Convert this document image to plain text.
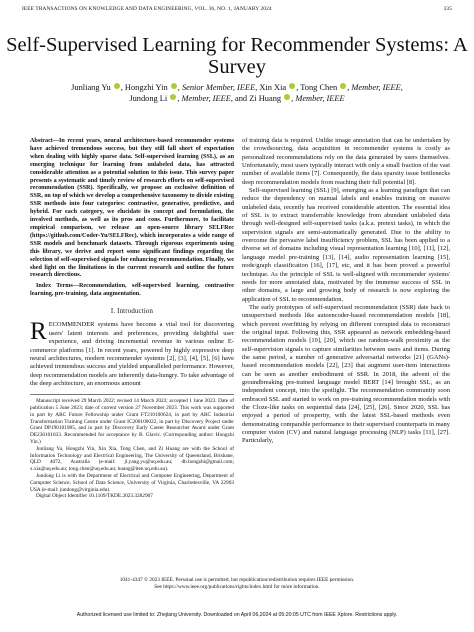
IEEE TRANSACTIONS ON KNOWLEDGE AND DATA ENGINEERING, VOL. 36, NO. 1, JANUARY 2024	335
Self-Supervised Learning for Recommender Systems: A Survey
Junliang Yu , Hongzhi Yin , Senior Member, IEEE, Xin Xia , Tong Chen , Member, IEEE,
Jundong Li , Member, IEEE, and Zi Huang , Member, IEEE

Abstract—In recent years, neural architecture-based recommender systems have achieved tremendous success, but they still fall short of expectation when dealing with highly sparse data. Self-supervised learning (SSL), as an emerging technique for learning from unlabeled data, has attracted considerable attention as a potential solution to this issue. This survey paper presents a systematic and timely review of research efforts on self-supervised recommendation (SSR). Specifically, we propose an exclusive definition of SSR, on top of which we develop a comprehensive taxonomy to divide existing SSR methods into four categories: contrastive, generative, predictive, and hybrid. For each category, we elucidate its concept and formulation, the involved methods, as well as its pros and cons. Furthermore, to facilitate empirical comparison, we release an open-source library SELFRec (https://github.com/Coder-Yu/SELFRec), which incorporates a wide range of SSR models and benchmark datasets. Through rigorous experiments using this library, we derive and report some significant findings regarding the selection of self-supervised signals for enhancing recommendation. Finally, we shed light on the limitations in the current research and outline the future research directions.

Index Terms—Recommendation, self-supervised learning, contrastive learning, pre-training, data augmentation.

I. Introduction

RECOMMENDER systems have become a vital tool for discovering users' latent interests and preferences, providing delightful user experience, and driving incremental revenue in various online E-commerce platforms [1]. In recent years, powered by highly expressive deep neural architectures, modern recommender systems [2], [3], [4], [5], [6] have achieved tremendous success and yielded unparalleled performance. However, deep recommendation models are inherently data-hungry. To take advantage of the deep architecture, an enormous amount

Manuscript received 29 March 2022; revised 14 March 2023; accepted 1 June 2023. Date of publication 5 June 2023; date of current version 27 November 2023. This work was supported in part by ARC Future Fellowship under Grant FT210100624, in part by ARC Industrial Transformation Training Centre under Grant IC200100022, in part by Discovery Project under Grant DP190101985, and in part by Discovery Early Career Researcher Award under Grant DE230101033. Recommended for acceptance by B. Glavic. (Corresponding author: Hongzhi Yin.)

Junliang Yu, Hongzhi Yin, Xin Xia, Tong Chen, and Zi Huang are with the School of Information Technology and Electrical Engineering, The University of Queensland, Brisbane, QLD 4072, Australia (e-mail: jl.yang.yu@uq.edu.au; db.hongzhi@gmail.com; x.xia@uq.edu.au; tong.chen@uq.edu.au; huang@itee.uq.edu.au).

Jundong Li is with the Department of Electrical and Computer Engineering, Department of Computer Science, School of Data Science, University of Virginia, Charlottesville, VA 22903 USA (e-mail: jundong@virginia.edu).

Digital Object Identifier 10.1109/TKDE.2023.3282907

of training data is required. Unlike image annotation that can be undertaken by the crowdsourcing, data acquisition in recommender systems is costly as personalized recommendations rely on the data generated by users themselves. Unfortunately, most users typically interact with only a small fraction of the vast number of available items [7]. Consequently, the data sparsity issue bottlenecks deep recommendation models from reaching their full potential [8].

Self-supervised learning (SSL) [9], emerging as a learning paradigm that can reduce the dependency on manual labels and enables training on massive unlabeled data, recently has received considerable attention. The essential idea of SSL is to extract transferrable knowledge from abundant unlabeled data through well-designed self-supervised tasks (a.k.a. pretext tasks), in which the supervision signals are semi-automatically generated. Due to the ability to overcome the pervasive label insufficiency problem, SSL has been applied to a diverse set of domains including visual representation learning [10], [11], [12], language model pre-training [13], [14], audio representation learning [15], node/graph classification [16], [17], etc, and it has been proved a powerful technique. As the principle of SSL is well-aligned with recommender systems' needs for more annotated data, motivated by the immense success of SSL in other domains, a large and growing body of research is now exploring the application of SSL to recommendation.

The early prototypes of self-supervised recommendation (SSR) date back to unsupervised methods like autoencoder-based recommendation models [18], which prevent overfitting by relying on different corrupted data to reconstruct the original input. Following this, SSR appeared as network embedding-based recommendation models [19], [20], which use random-walk proximity as the self-supervision signals to capture similarities between users and items. During the same period, a number of generative adversarial networks [21] (GANs)-based recommendation models [22], [23] that augment user-item interactions can be seen as another embodiment of SSR. In 2018, the advent of the groundbreaking pre-trained language model BERT [14] brought SSL, as an independent concept, into the spotlight. The recommendation community soon embraced SSL and started to work on pre-training recommendation models with the Cloze-like tasks on sequential data [24], [25], [26]. Since 2020, SSL has enjoyed a period of prosperity, with the latest SSL-based methods even demonstrating comparable performance to their supervised counterparts in many computer vision (CV) and natural language processing (NLP) tasks [11], [27]. Particularly,

1041-4347 © 2023 IEEE. Personal use is permitted, but republication/redistribution requires IEEE permission.
See https://www.ieee.org/publications/rights/index.html for more information.
Authorized licensed use limited to: Zhejiang University. Downloaded on April 06,2024 at 05:20:05 UTC from IEEE Xplore. Restrictions apply.
